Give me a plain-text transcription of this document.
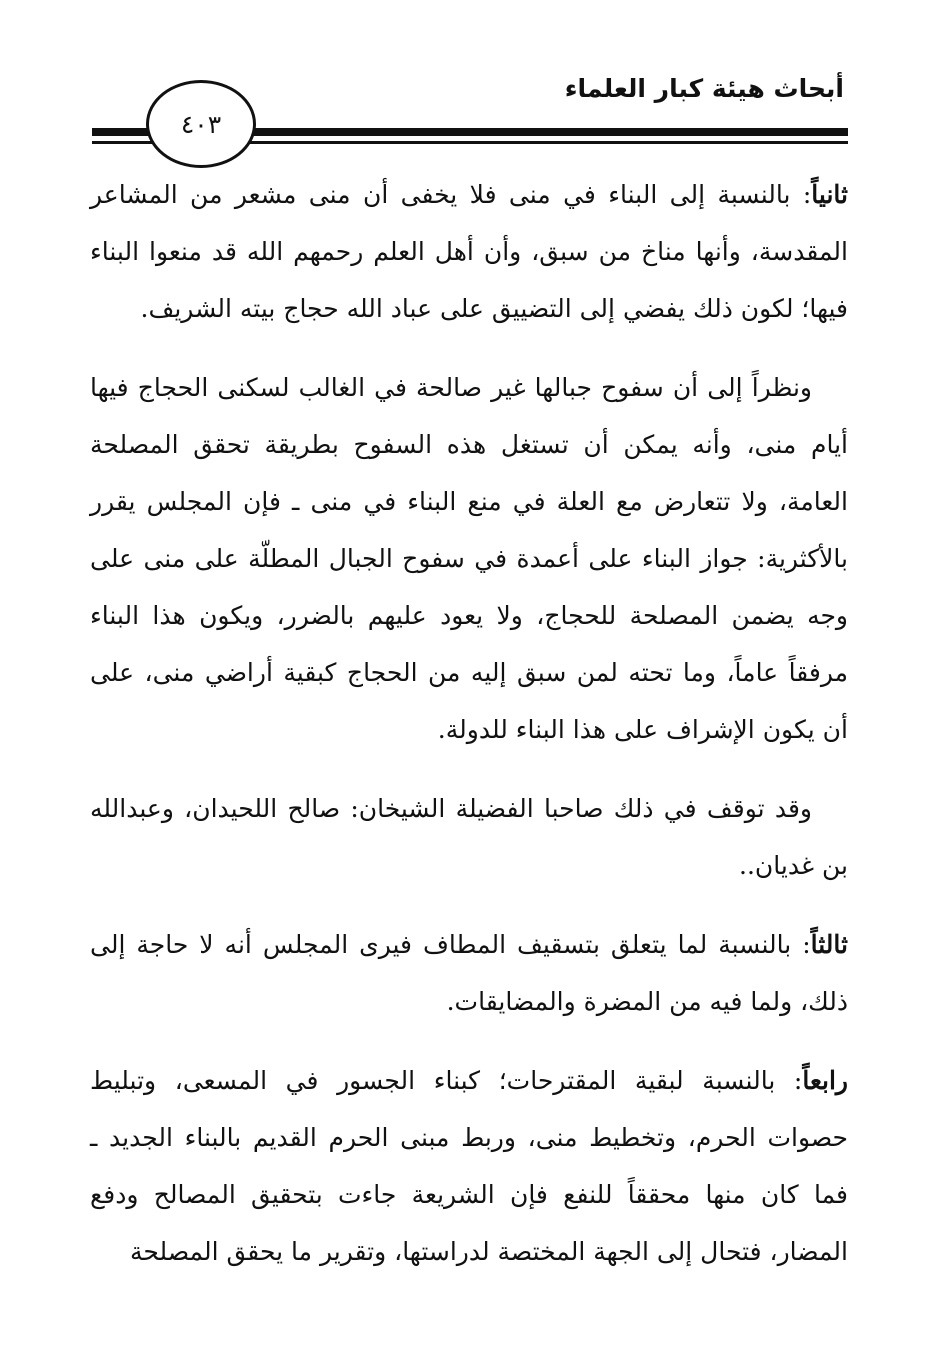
أبحاث هيئة كبار العلماء
٤٠٣

ثانياً: بالنسبة إلى البناء في منى فلا يخفى أن منى مشعر من المشاعر المقدسة، وأنها مناخ من سبق، وأن أهل العلم رحمهم الله قد منعوا البناء فيها؛ لكون ذلك يفضي إلى التضييق على عباد الله حجاج بيته الشريف.

ونظراً إلى أن سفوح جبالها غير صالحة في الغالب لسكنى الحجاج فيها أيام منى، وأنه يمكن أن تستغل هذه السفوح بطريقة تحقق المصلحة العامة، ولا تتعارض مع العلة في منع البناء في منى ـ فإن المجلس يقرر بالأكثرية: جواز البناء على أعمدة في سفوح الجبال المطلّة على منى على وجه يضمن المصلحة للحجاج، ولا يعود عليهم بالضرر، ويكون هذا البناء مرفقاً عاماً، وما تحته لمن سبق إليه من الحجاج كبقية أراضي منى، على أن يكون الإشراف على هذا البناء للدولة.

وقد توقف في ذلك صاحبا الفضيلة الشيخان: صالح اللحيدان، وعبدالله بن غديان..

ثالثاً: بالنسبة لما يتعلق بتسقيف المطاف فيرى المجلس أنه لا حاجة إلى ذلك، ولما فيه من المضرة والمضايقات.

رابعاً: بالنسبة لبقية المقترحات؛ كبناء الجسور في المسعى، وتبليط حصوات الحرم، وتخطيط منى، وربط مبنى الحرم القديم بالبناء الجديد ـ فما كان منها محققاً للنفع فإن الشريعة جاءت بتحقيق المصالح ودفع المضار، فتحال إلى الجهة المختصة لدراستها، وتقرير ما يحقق المصلحة
